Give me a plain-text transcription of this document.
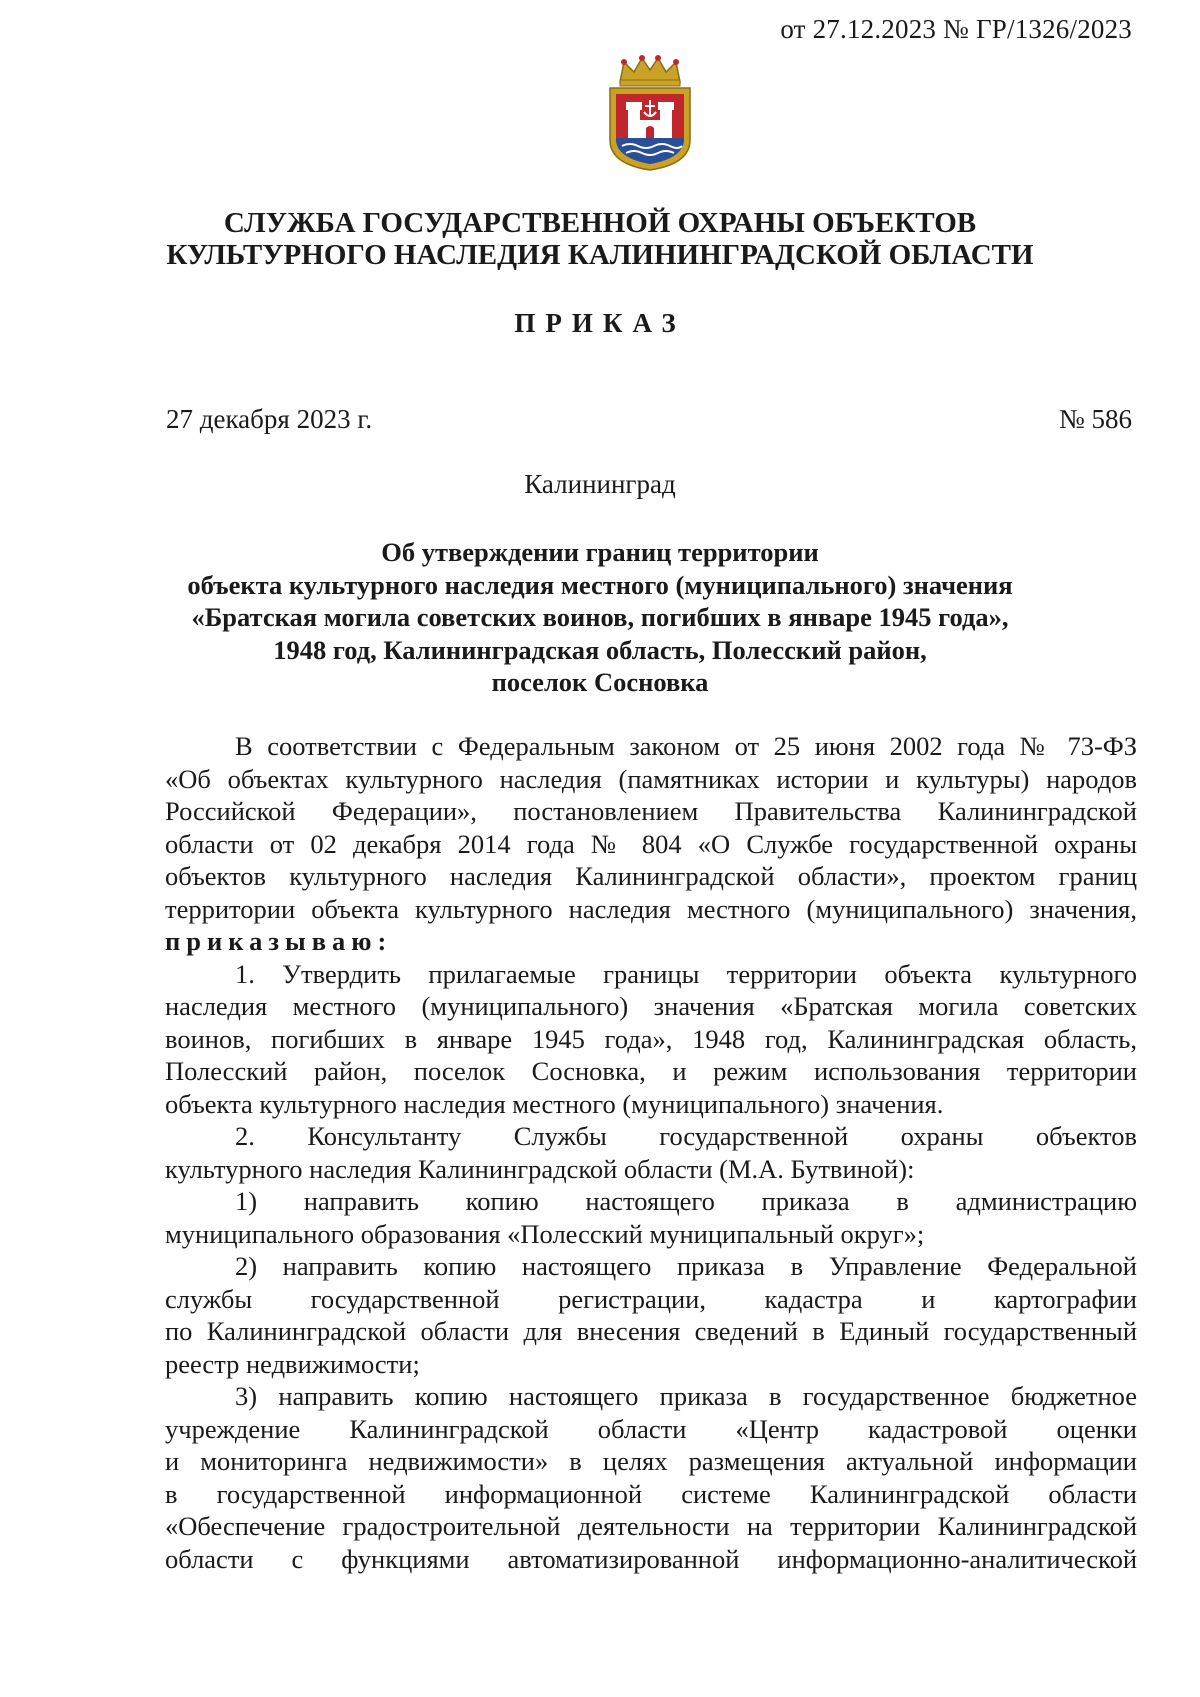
от 27.12.2023 № ГР/1326/2023
СЛУЖБА ГОСУДАРСТВЕННОЙ ОХРАНЫ ОБЪЕКТОВ
КУЛЬТУРНОГО НАСЛЕДИЯ КАЛИНИНГРАДСКОЙ ОБЛАСТИ
ПРИКАЗ
27 декабря 2023 г.	№ 586
Калининград
Об утверждении границ территории
объекта культурного наследия местного (муниципального) значения
«Братская могила советских воинов, погибших в январе 1945 года»,
1948 год, Калининградская область, Полесский район,
поселок Сосновка
В соответствии с Федеральным законом от 25 июня 2002 года № 73-ФЗ
«Об объектах культурного наследия (памятниках истории и культуры) народов
Российской Федерации», постановлением Правительства Калининградской
области от 02 декабря 2014 года № 804 «О Службе государственной охраны
объектов культурного наследия Калининградской области», проектом границ
территории объекта культурного наследия местного (муниципального) значения,
приказываю:
1. Утвердить прилагаемые границы территории объекта культурного
наследия местного (муниципального) значения «Братская могила советских
воинов, погибших в январе 1945 года», 1948 год, Калининградская область,
Полесский район, поселок Сосновка, и режим использования территории
объекта культурного наследия местного (муниципального) значения.
2. Консультанту Службы государственной охраны объектов
культурного наследия Калининградской области (М.А. Бутвиной):
1) направить копию настоящего приказа в администрацию
муниципального образования «Полесский муниципальный округ»;
2) направить копию настоящего приказа в Управление Федеральной
службы государственной регистрации, кадастра и картографии
по Калининградской области для внесения сведений в Единый государственный
реестр недвижимости;
3) направить копию настоящего приказа в государственное бюджетное
учреждение Калининградской области «Центр кадастровой оценки
и мониторинга недвижимости» в целях размещения актуальной информации
в государственной информационной системе Калининградской области
«Обеспечение градостроительной деятельности на территории Калининградской
области с функциями автоматизированной информационно-аналитической
